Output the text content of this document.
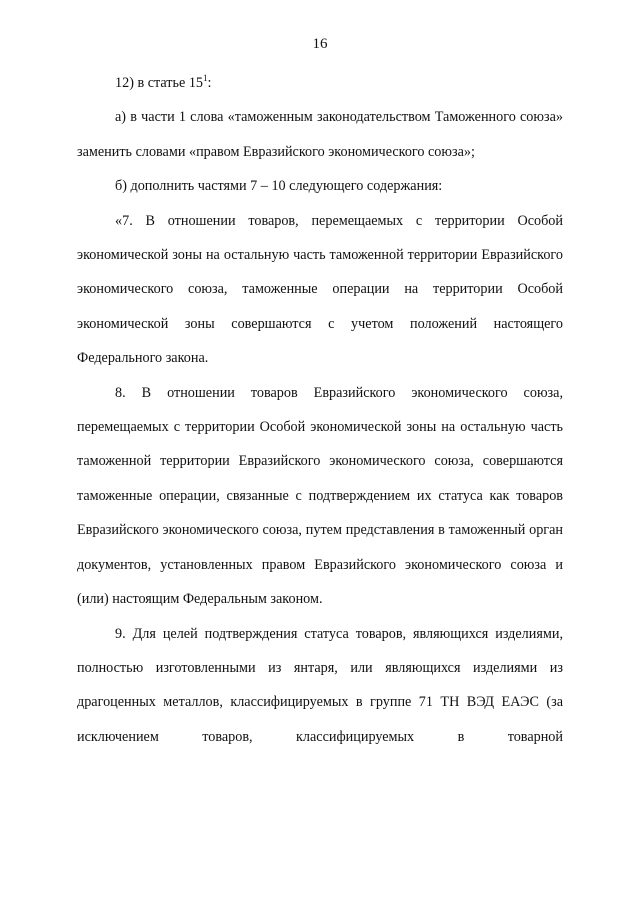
16

12) в статье $15^1$:

а) в части 1 слова «таможенным законодательством Таможенного союза» заменить словами «правом Евразийского экономического союза»;

б) дополнить частями 7 – 10 следующего содержания:

«7. В отношении товаров, перемещаемых с территории Особой экономической зоны на остальную часть таможенной территории Евразийского экономического союза, таможенные операции на территории Особой экономической зоны совершаются с учетом положений настоящего Федерального закона.

8. В отношении товаров Евразийского экономического союза, перемещаемых с территории Особой экономической зоны на остальную часть таможенной территории Евразийского экономического союза, совершаются таможенные операции, связанные с подтверждением их статуса как товаров Евразийского экономического союза, путем представления в таможенный орган документов, установленных правом Евразийского экономического союза и (или) настоящим Федеральным законом.

9. Для целей подтверждения статуса товаров, являющихся изделиями, полностью изготовленными из янтаря, или являющихся изделиями из драгоценных металлов, классифицируемых в группе 71 ТН ВЭД ЕАЭС (за исключением товаров, классифицируемых в товарной
